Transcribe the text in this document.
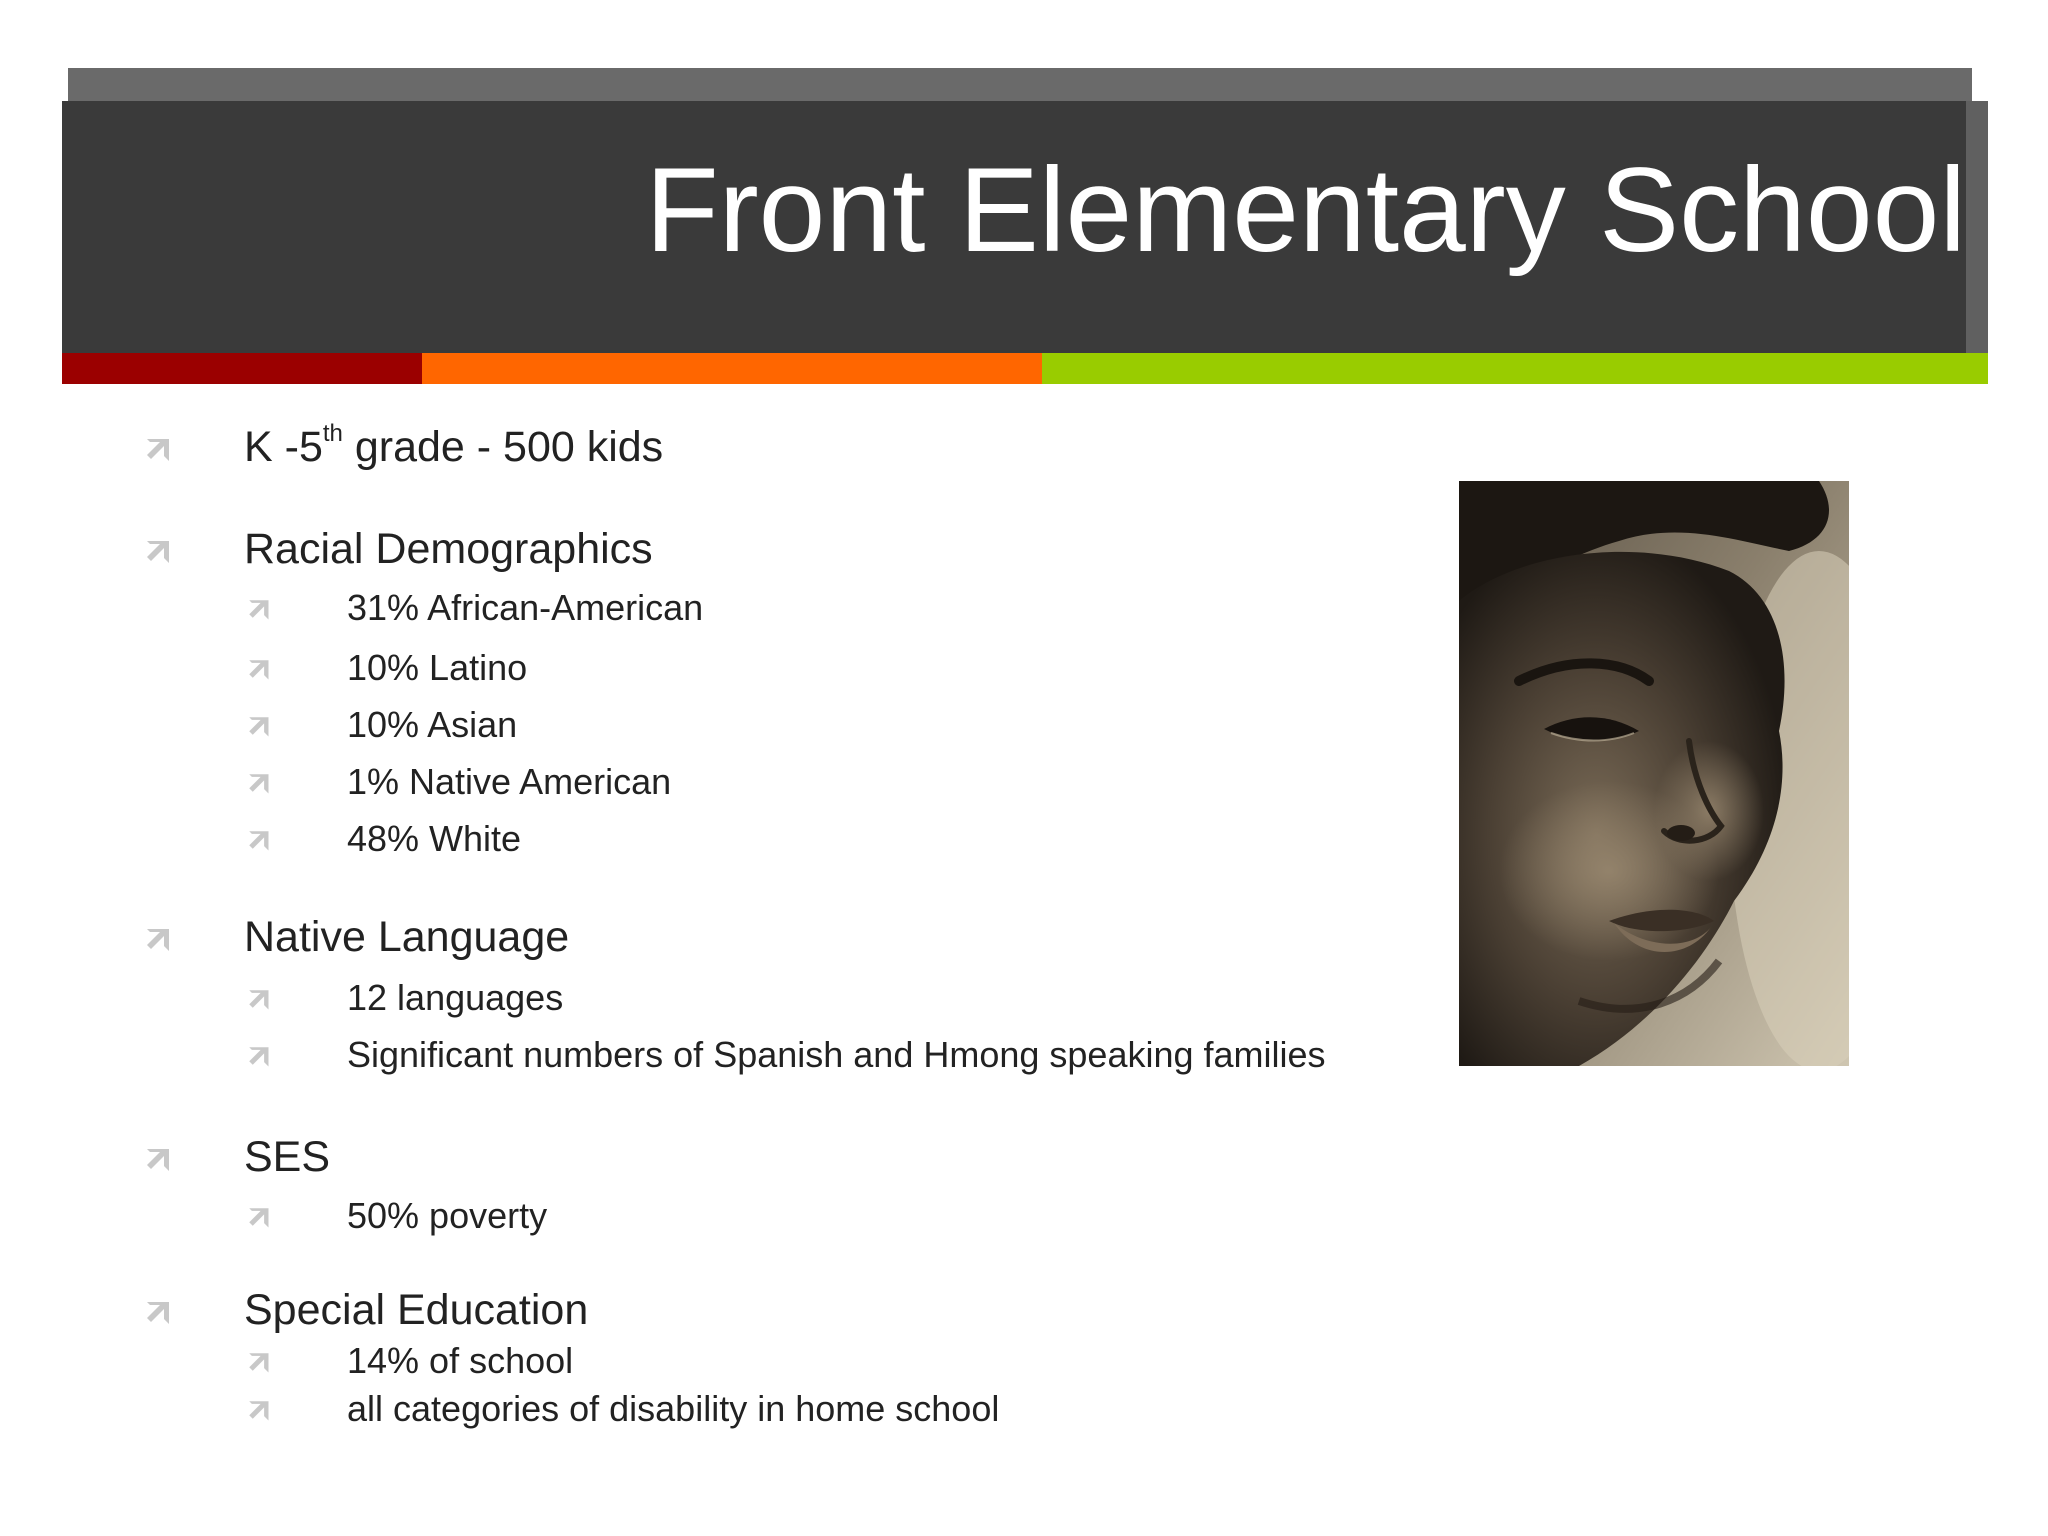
Front Elementary School
K -5th grade - 500 kids
Racial Demographics
31% African-American
10% Latino
10% Asian
1% Native American
48% White
Native Language
12 languages
Significant numbers of Spanish and Hmong speaking families
SES
50% poverty
Special Education
14% of school
all categories of disability in home school
